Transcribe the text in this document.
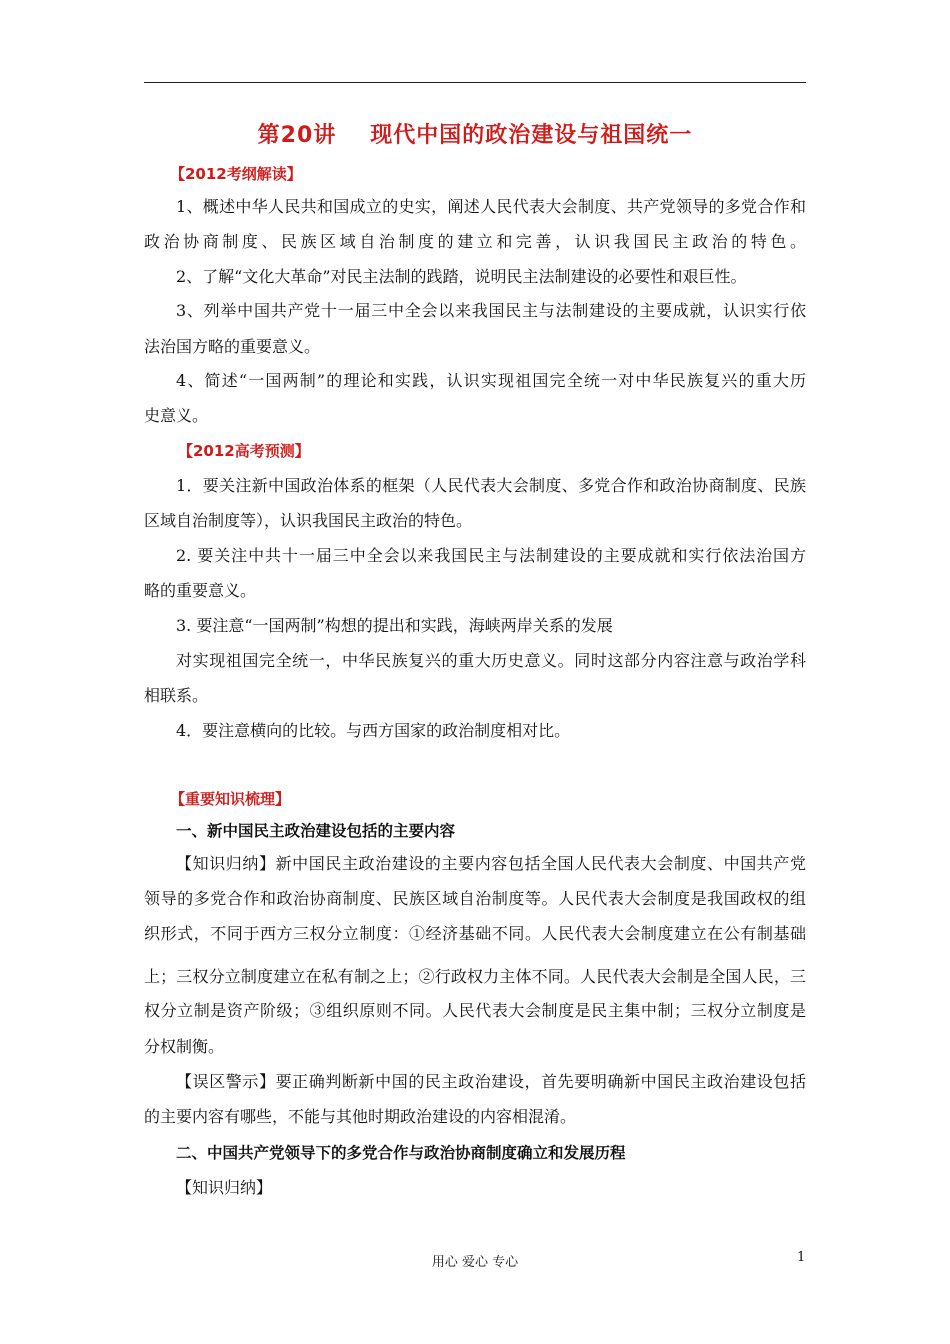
第20讲 现代中国的政治建设与祖国统一
【2012考纲解读】
1、概述中华人民共和国成立的史实，阐述人民代表大会制度、共产党领导的多党合作和
政治协商制度、民族区域自治制度的建立和完善，认识我国民主政治的特色。
2、了解“文化大革命”对民主法制的践踏，说明民主法制建设的必要性和艰巨性。
3、列举中国共产党十一届三中全会以来我国民主与法制建设的主要成就，认识实行依
法治国方略的重要意义。
4、简述“一国两制”的理论和实践，认识实现祖国完全统一对中华民族复兴的重大历
史意义。
【2012高考预测】
1．要关注新中国政治体系的框架（人民代表大会制度、多党合作和政治协商制度、民族
区域自治制度等），认识我国民主政治的特色。
2. 要关注中共十一届三中全会以来我国民主与法制建设的主要成就和实行依法治国方
略的重要意义。
3. 要注意“一国两制”构想的提出和实践，海峡两岸关系的发展
对实现祖国完全统一，中华民族复兴的重大历史意义。同时这部分内容注意与政治学科
相联系。
4．要注意横向的比较。与西方国家的政治制度相对比。
【重要知识梳理】
一、新中国民主政治建设包括的主要内容
【知识归纳】新中国民主政治建设的主要内容包括全国人民代表大会制度、中国共产党
领导的多党合作和政治协商制度、民族区域自治制度等。人民代表大会制度是我国政权的组
织形式，不同于西方三权分立制度：①经济基础不同。人民代表大会制度建立在公有制基础
上；三权分立制度建立在私有制之上；②行政权力主体不同。人民代表大会制是全国人民，三
权分立制是资产阶级；③组织原则不同。人民代表大会制度是民主集中制；三权分立制度是
分权制衡。
【误区警示】要正确判断新中国的民主政治建设，首先要明确新中国民主政治建设包括
的主要内容有哪些，不能与其他时期政治建设的内容相混淆。
二、中国共产党领导下的多党合作与政治协商制度确立和发展历程
【知识归纳】
用心 爱心 专心	1
